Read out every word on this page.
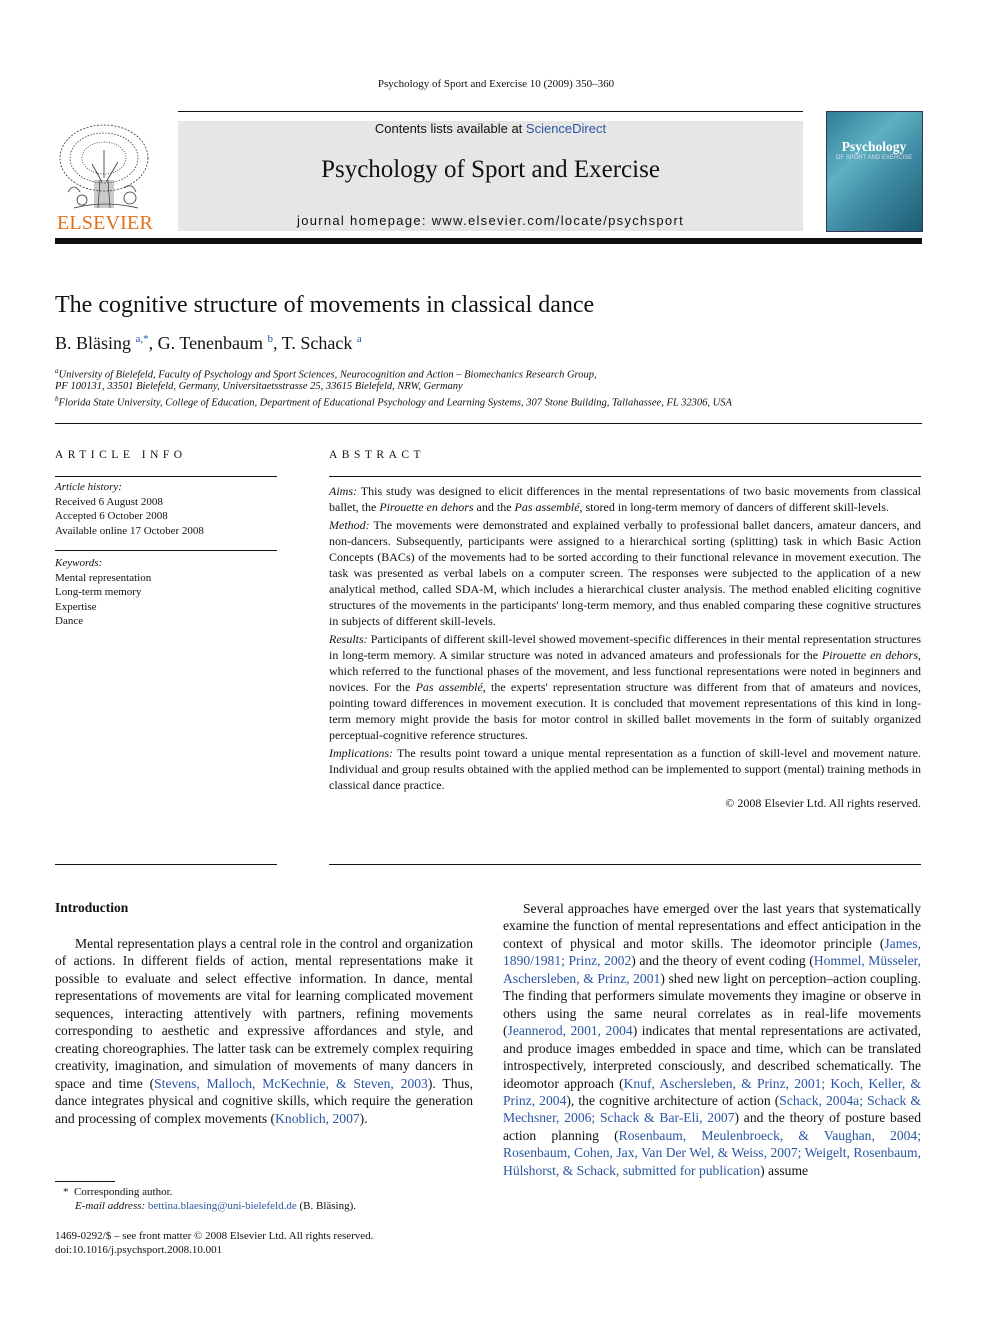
Psychology of Sport and Exercise 10 (2009) 350–360
ELSEVIER
Contents lists available at ScienceDirect
Psychology of Sport and Exercise
journal homepage: www.elsevier.com/locate/psychsport
Psychology
OF SPORT AND EXERCISE
The cognitive structure of movements in classical dance
B. Bläsing $^{a,*}$, G. Tenenbaum $^b$, T. Schack $^a$
$^a$University of Bielefeld, Faculty of Psychology and Sport Sciences, Neurocognition and Action – Biomechanics Research Group,
PF 100131, 33501 Bielefeld, Germany, Universitaetsstrasse 25, 33615 Bielefeld, NRW, Germany
$^b$Florida State University, College of Education, Department of Educational Psychology and Learning Systems, 307 Stone Building, Tallahassee, FL 32306, USA
ARTICLE INFO
Article history:
Received 6 August 2008
Accepted 6 October 2008
Available online 17 October 2008
Keywords:
Mental representation
Long-term memory
Expertise
Dance
ABSTRACT

Aims: This study was designed to elicit differences in the mental representations of two basic movements from classical ballet, the Pirouette en dehors and the Pas assemblé, stored in long-term memory of dancers of different skill-levels.

Method: The movements were demonstrated and explained verbally to professional ballet dancers, amateur dancers, and non-dancers. Subsequently, participants were assigned to a hierarchical sorting (splitting) task in which Basic Action Concepts (BACs) of the movements had to be sorted according to their functional relevance in movement execution. The task was presented as verbal labels on a computer screen. The responses were subjected to the application of a new analytical method, called SDA-M, which includes a hierarchical cluster analysis. The method enabled eliciting cognitive structures of the movements in the participants' long-term memory, and thus enabled comparing these cognitive structures in subjects of different skill-levels.

Results: Participants of different skill-level showed movement-specific differences in their mental representation structures in long-term memory. A similar structure was noted in advanced amateurs and professionals for the Pirouette en dehors, which referred to the functional phases of the movement, and less functional representations were noted in beginners and novices. For the Pas assemblé, the experts' representation structure was different from that of amateurs and novices, pointing toward differences in movement execution. It is concluded that movement representations of this kind in long-term memory might provide the basis for motor control in skilled ballet movements in the form of suitably organized perceptual-cognitive reference structures.

Implications: The results point toward a unique mental representation as a function of skill-level and movement nature. Individual and group results obtained with the applied method can be implemented to support (mental) training methods in classical dance practice.

© 2008 Elsevier Ltd. All rights reserved.
Introduction

Mental representation plays a central role in the control and organization of actions. In different fields of action, mental representations make it possible to evaluate and select effective information. In dance, mental representations of movements are vital for learning complicated movement sequences, interacting attentively with partners, refining movements corresponding to aesthetic and expressive affordances and style, and creating choreographies. The latter task can be extremely complex requiring creativity, imagination, and simulation of movements of many dancers in space and time (Stevens, Malloch, McKechnie, & Steven, 2003). Thus, dance integrates physical and cognitive skills, which require the generation and processing of complex movements (Knoblich, 2007).

Several approaches have emerged over the last years that systematically examine the function of mental representations and effect anticipation in the context of physical and motor skills. The ideomotor principle (James, 1890/1981; Prinz, 2002) and the theory of event coding (Hommel, Müsseler, Aschersleben, & Prinz, 2001) shed new light on perception–action coupling. The finding that performers simulate movements they imagine or observe in others using the same neural correlates as in real-life movements (Jeannerod, 2001, 2004) indicates that mental representations are activated, and produce images embedded in space and time, which can be translated introspectively, interpreted consciously, and described schematically. The ideomotor approach (Knuf, Aschersleben, & Prinz, 2001; Koch, Keller, & Prinz, 2004), the cognitive architecture of action (Schack, 2004a; Schack & Mechsner, 2006; Schack & Bar-Eli, 2007) and the theory of posture based action planning (Rosenbaum, Meulenbroeck, & Vaughan, 2004; Rosenbaum, Cohen, Jax, Van Der Wel, & Weiss, 2007; Weigelt, Rosenbaum, Hülshorst, & Schack, submitted for publication) assume

* Corresponding author.
E-mail address: bettina.blaesing@uni-bielefeld.de (B. Bläsing).
1469-0292/$ – see front matter © 2008 Elsevier Ltd. All rights reserved.
doi:10.1016/j.psychsport.2008.10.001
